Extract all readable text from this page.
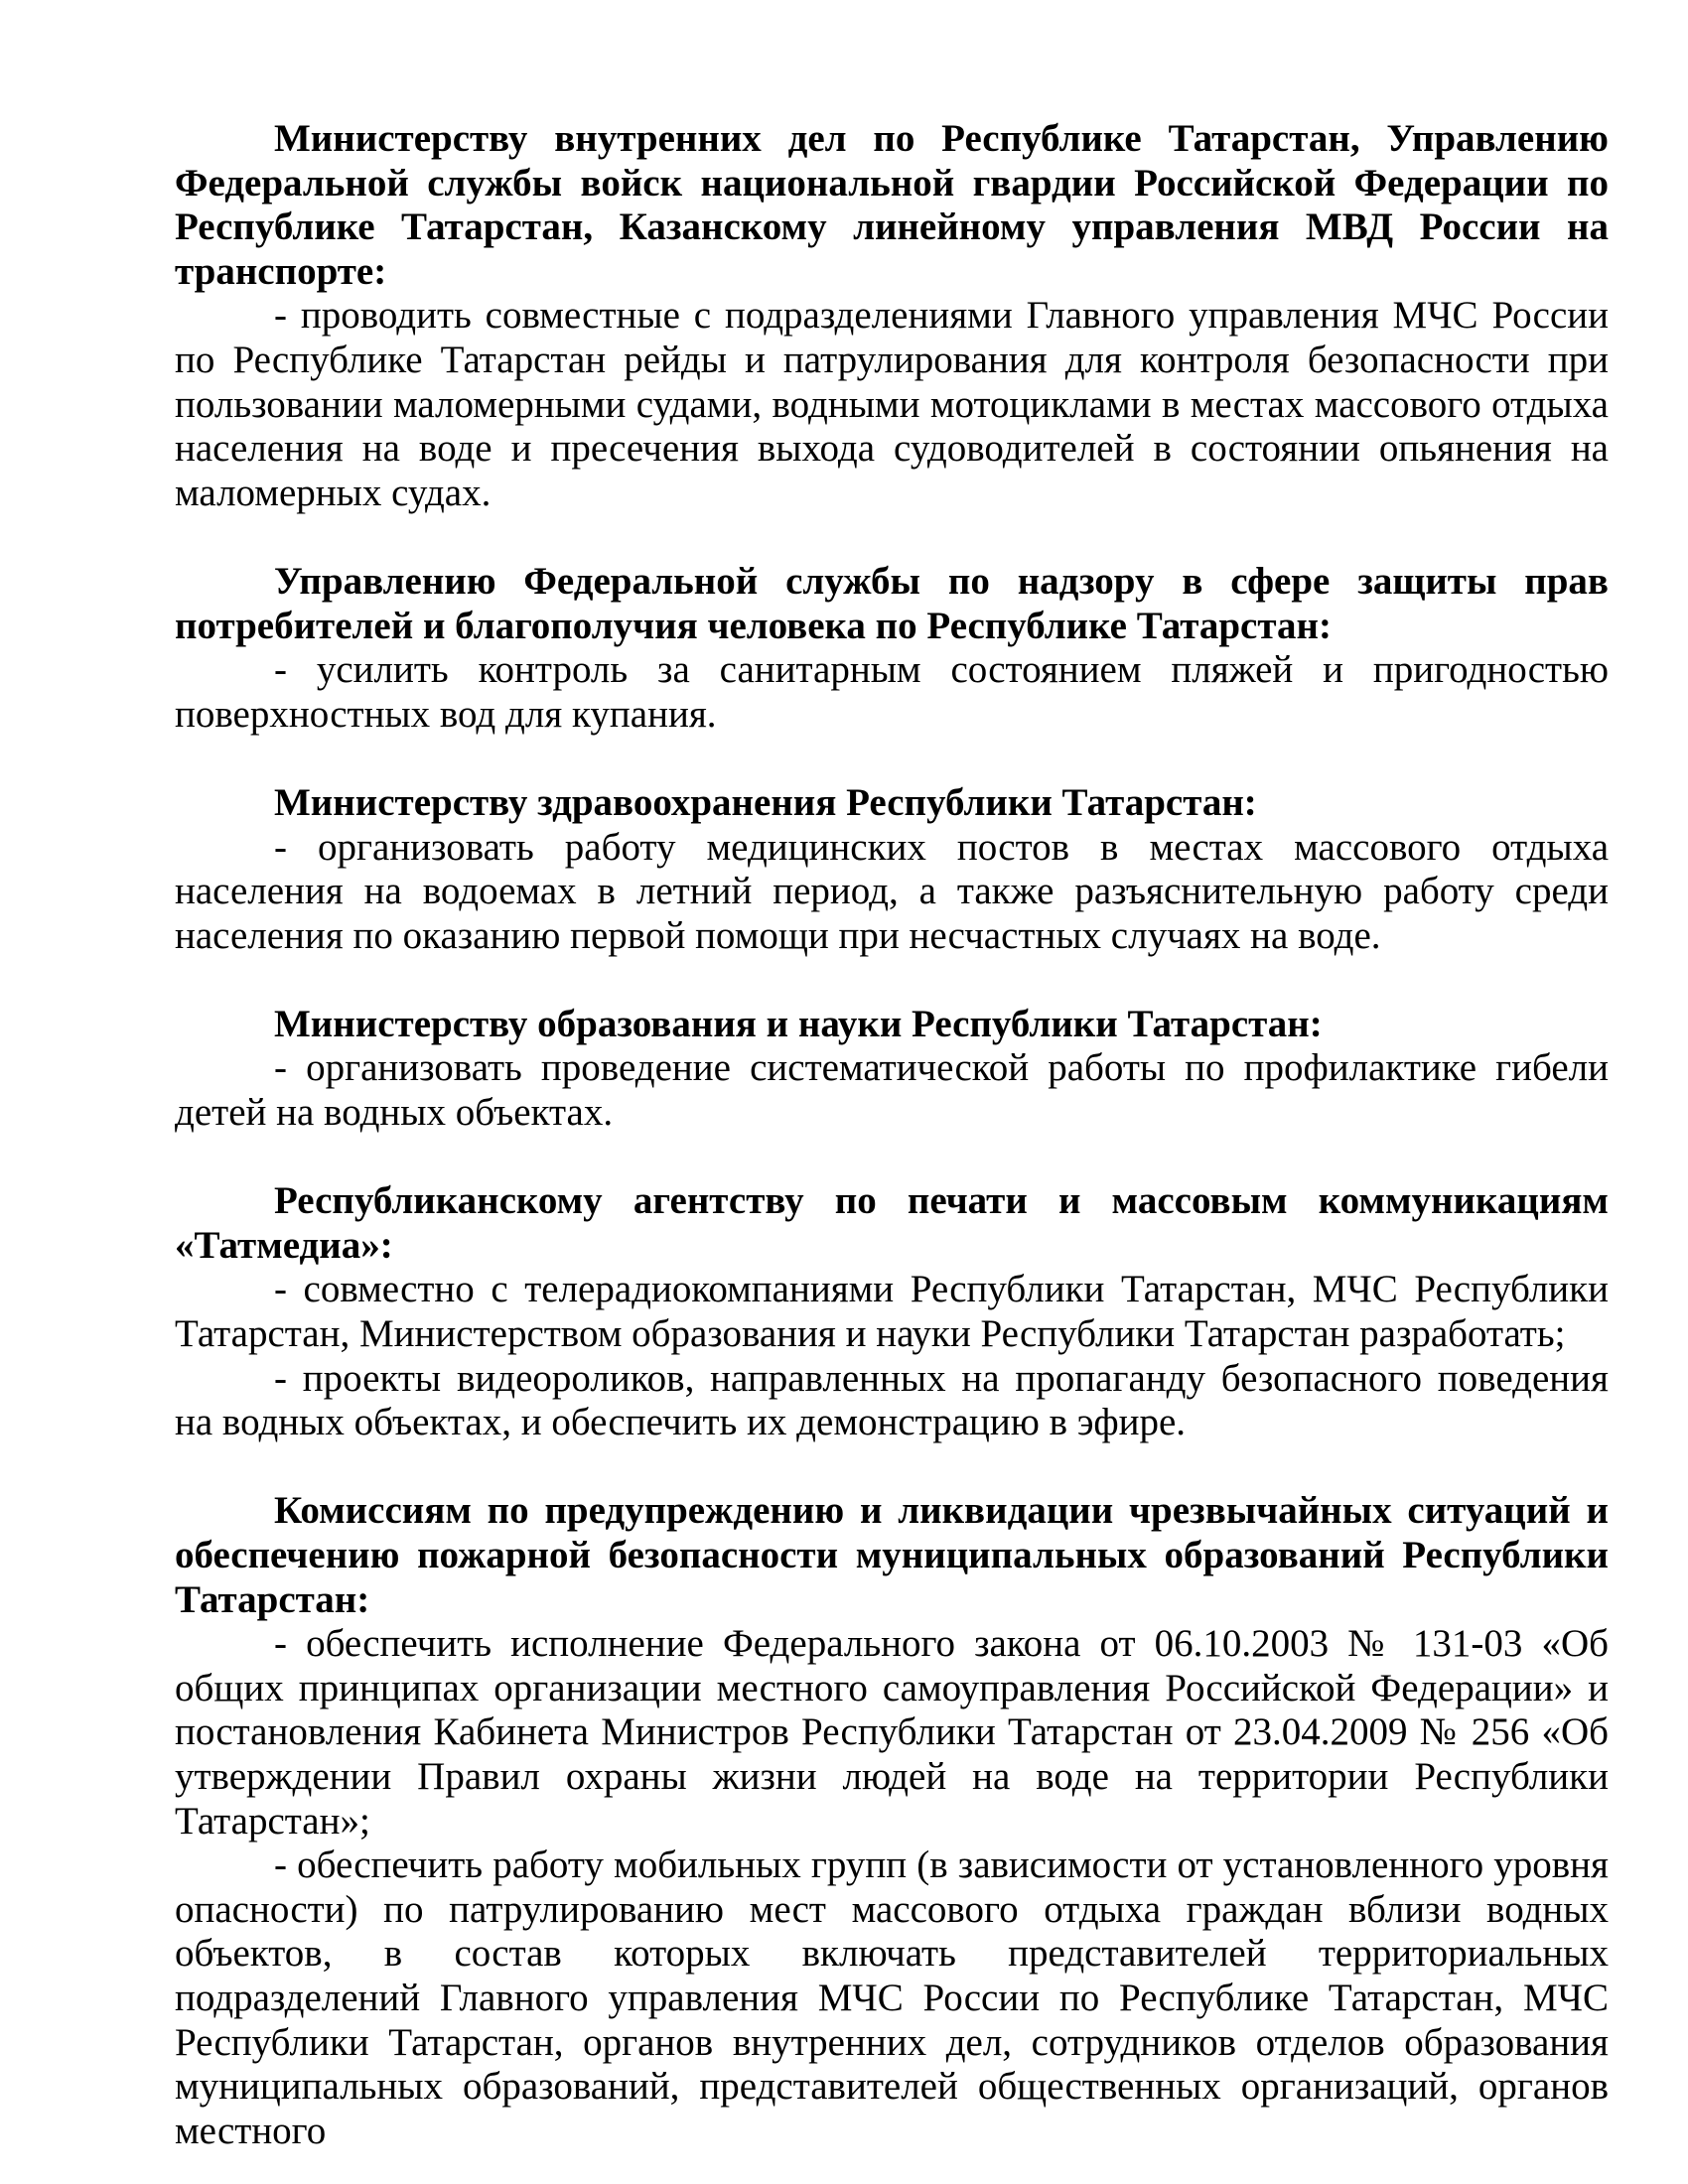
Министерству внутренних дел по Республике Татарстан, Управлению Федеральной службы войск национальной гвардии Российской Федерации по Республике Татарстан, Казанскому линейному управления МВД России на транспорте:

- проводить совместные с подразделениями Главного управления МЧС России по Республике Татарстан рейды и патрулирования для контроля безопасности при пользовании маломерными судами, водными мотоциклами в местах массового отдыха населения на воде и пресечения выхода судоводителей в состоянии опьянения на маломерных судах.

Управлению Федеральной службы по надзору в сфере защиты прав потребителей и благополучия человека по Республике Татарстан:

- усилить контроль за санитарным состоянием пляжей и пригодностью поверхностных вод для купания.

Министерству здравоохранения Республики Татарстан:

- организовать работу медицинских постов в местах массового отдыха населения на водоемах в летний период, а также разъяснительную работу среди населения по оказанию первой помощи при несчастных случаях на воде.

Министерству образования и науки Республики Татарстан:

- организовать проведение систематической работы по профилактике гибели детей на водных объектах.

Республиканскому агентству по печати и массовым коммуникациям «Татмедиа»:

- совместно с телерадиокомпаниями Республики Татарстан, МЧС Республики Татарстан, Министерством образования и науки Республики Татарстан разработать;

- проекты видеороликов, направленных на пропаганду безопасного поведения на водных объектах, и обеспечить их демонстрацию в эфире.

Комиссиям по предупреждению и ликвидации чрезвычайных ситуаций и обеспечению пожарной безопасности муниципальных образований Республики Татарстан:

- обеспечить исполнение Федерального закона от 06.10.2003 № 131-03 «Об общих принципах организации местного самоуправления Российской Федерации» и постановления Кабинета Министров Республики Татарстан от 23.04.2009 № 256 «Об утверждении Правил охраны жизни людей на воде на территории Республики Татарстан»;

- обеспечить работу мобильных групп (в зависимости от установленного уровня опасности) по патрулированию мест массового отдыха граждан вблизи водных объектов, в состав которых включать представителей территориальных подразделений Главного управления МЧС России по Республике Татарстан, МЧС Республики Татарстан, органов внутренних дел, сотрудников отделов образования муниципальных образований, представителей общественных организаций, органов местного
